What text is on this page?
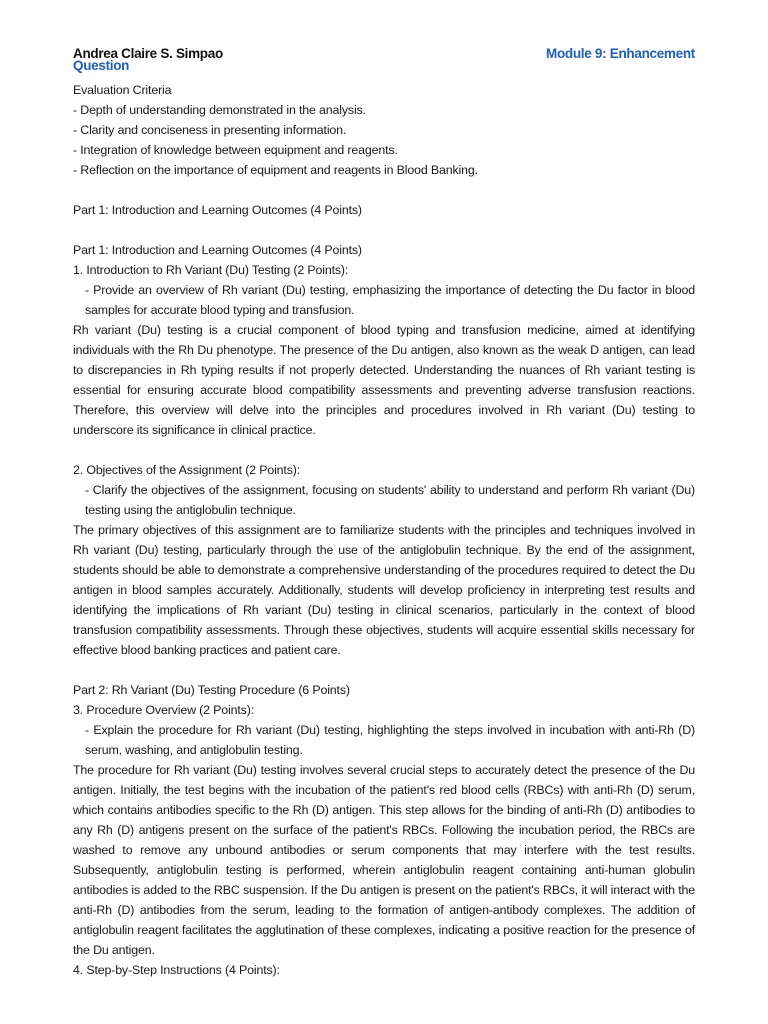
Andrea Claire S. Simpao
Question
Module 9: Enhancement
Evaluation Criteria
- Depth of understanding demonstrated in the analysis.
- Clarity and conciseness in presenting information.
- Integration of knowledge between equipment and reagents.
- Reflection on the importance of equipment and reagents in Blood Banking.
Part 1: Introduction and Learning Outcomes (4 Points)
Part 1: Introduction and Learning Outcomes (4 Points)
1. Introduction to Rh Variant (Du) Testing (2 Points):
- Provide an overview of Rh variant (Du) testing, emphasizing the importance of detecting the Du factor in blood samples for accurate blood typing and transfusion.
Rh variant (Du) testing is a crucial component of blood typing and transfusion medicine, aimed at identifying individuals with the Rh Du phenotype. The presence of the Du antigen, also known as the weak D antigen, can lead to discrepancies in Rh typing results if not properly detected. Understanding the nuances of Rh variant testing is essential for ensuring accurate blood compatibility assessments and preventing adverse transfusion reactions. Therefore, this overview will delve into the principles and procedures involved in Rh variant (Du) testing to underscore its significance in clinical practice.
2. Objectives of the Assignment (2 Points):
- Clarify the objectives of the assignment, focusing on students' ability to understand and perform Rh variant (Du) testing using the antiglobulin technique.
The primary objectives of this assignment are to familiarize students with the principles and techniques involved in Rh variant (Du) testing, particularly through the use of the antiglobulin technique. By the end of the assignment, students should be able to demonstrate a comprehensive understanding of the procedures required to detect the Du antigen in blood samples accurately. Additionally, students will develop proficiency in interpreting test results and identifying the implications of Rh variant (Du) testing in clinical scenarios, particularly in the context of blood transfusion compatibility assessments. Through these objectives, students will acquire essential skills necessary for effective blood banking practices and patient care.
Part 2: Rh Variant (Du) Testing Procedure (6 Points)
3. Procedure Overview (2 Points):
- Explain the procedure for Rh variant (Du) testing, highlighting the steps involved in incubation with anti-Rh (D) serum, washing, and antiglobulin testing.
The procedure for Rh variant (Du) testing involves several crucial steps to accurately detect the presence of the Du antigen. Initially, the test begins with the incubation of the patient's red blood cells (RBCs) with anti-Rh (D) serum, which contains antibodies specific to the Rh (D) antigen. This step allows for the binding of anti-Rh (D) antibodies to any Rh (D) antigens present on the surface of the patient's RBCs. Following the incubation period, the RBCs are washed to remove any unbound antibodies or serum components that may interfere with the test results. Subsequently, antiglobulin testing is performed, wherein antiglobulin reagent containing anti-human globulin antibodies is added to the RBC suspension. If the Du antigen is present on the patient's RBCs, it will interact with the anti-Rh (D) antibodies from the serum, leading to the formation of antigen-antibody complexes. The addition of antiglobulin reagent facilitates the agglutination of these complexes, indicating a positive reaction for the presence of the Du antigen.
4. Step-by-Step Instructions (4 Points):
